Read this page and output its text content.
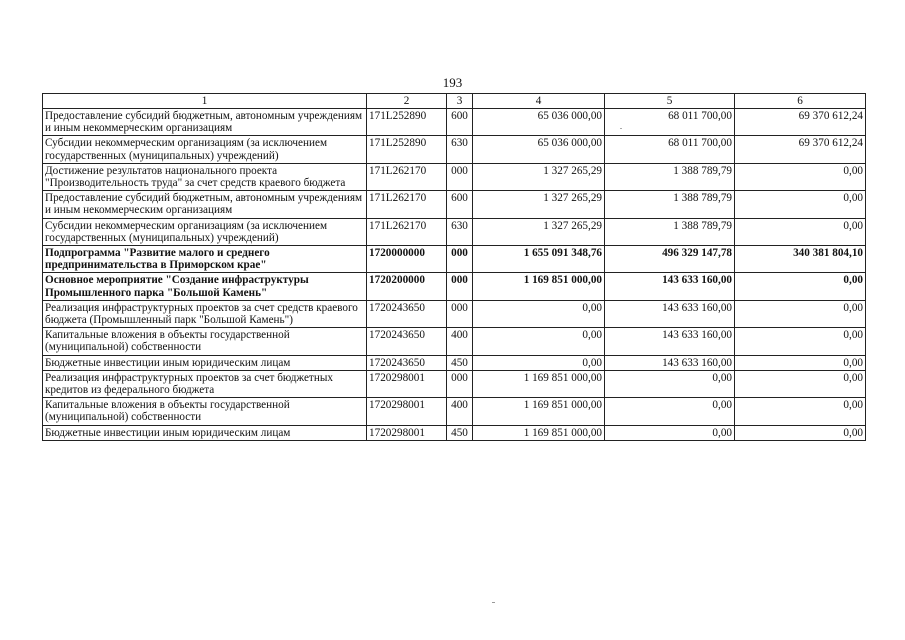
193
1	2	3	4	5	6
Предоставление субсидий бюджетным, автономным учреждениям и иным некоммерческим организациям	171L252890	600	65 036 000,00	68 011 700,00	69 370 612,24
Субсидии некоммерческим организациям (за исключением государственных (муниципальных) учреждений)	171L252890	630	65 036 000,00	68 011 700,00	69 370 612,24
Достижение результатов национального проекта "Производительность труда" за счет средств краевого бюджета	171L262170	000	1 327 265,29	1 388 789,79	0,00
Предоставление субсидий бюджетным, автономным учреждениям и иным некоммерческим организациям	171L262170	600	1 327 265,29	1 388 789,79	0,00
Субсидии некоммерческим организациям (за исключением государственных (муниципальных) учреждений)	171L262170	630	1 327 265,29	1 388 789,79	0,00
Подпрограмма "Развитие малого и среднего предпринимательства в Приморском крае"	1720000000	000	1 655 091 348,76	496 329 147,78	340 381 804,10
Основное мероприятие "Создание инфраструктуры Промышленного парка "Большой Камень"	1720200000	000	1 169 851 000,00	143 633 160,00	0,00
Реализация инфраструктурных проектов за счет средств краевого бюджета (Промышленный парк "Большой Камень")	1720243650	000	0,00	143 633 160,00	0,00
Капитальные вложения в объекты государственной (муниципальной) собственности	1720243650	400	0,00	143 633 160,00	0,00
Бюджетные инвестиции иным юридическим лицам	1720243650	450	0,00	143 633 160,00	0,00
Реализация инфраструктурных проектов за счет бюджетных кредитов из федерального бюджета	1720298001	000	1 169 851 000,00	0,00	0,00
Капитальные вложения в объекты государственной (муниципальной) собственности	1720298001	400	1 169 851 000,00	0,00	0,00
Бюджетные инвестиции иным юридическим лицам	1720298001	450	1 169 851 000,00	0,00	0,00
